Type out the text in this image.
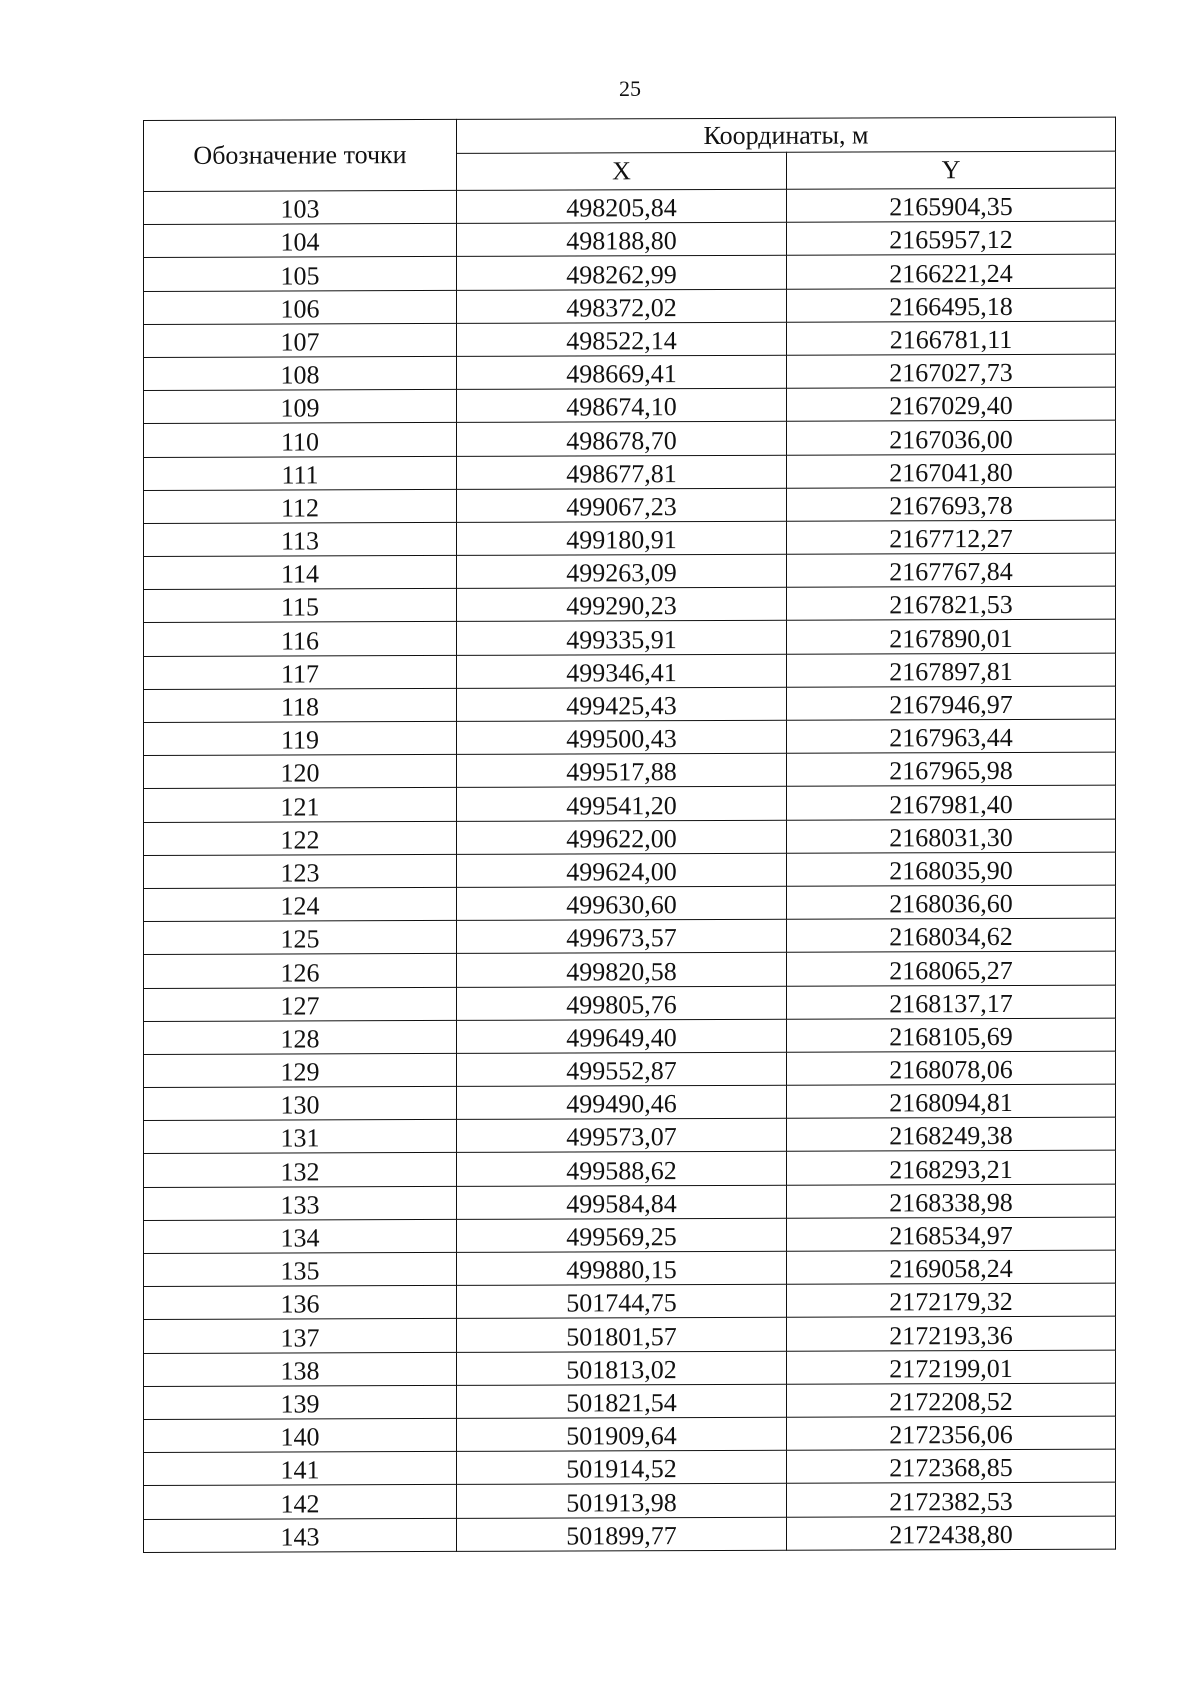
25
Обозначение точки	Координаты, м	
	X	Y
103	498205,84	2165904,35
104	498188,80	2165957,12
105	498262,99	2166221,24
106	498372,02	2166495,18
107	498522,14	2166781,11
108	498669,41	2167027,73
109	498674,10	2167029,40
110	498678,70	2167036,00
111	498677,81	2167041,80
112	499067,23	2167693,78
113	499180,91	2167712,27
114	499263,09	2167767,84
115	499290,23	2167821,53
116	499335,91	2167890,01
117	499346,41	2167897,81
118	499425,43	2167946,97
119	499500,43	2167963,44
120	499517,88	2167965,98
121	499541,20	2167981,40
122	499622,00	2168031,30
123	499624,00	2168035,90
124	499630,60	2168036,60
125	499673,57	2168034,62
126	499820,58	2168065,27
127	499805,76	2168137,17
128	499649,40	2168105,69
129	499552,87	2168078,06
130	499490,46	2168094,81
131	499573,07	2168249,38
132	499588,62	2168293,21
133	499584,84	2168338,98
134	499569,25	2168534,97
135	499880,15	2169058,24
136	501744,75	2172179,32
137	501801,57	2172193,36
138	501813,02	2172199,01
139	501821,54	2172208,52
140	501909,64	2172356,06
141	501914,52	2172368,85
142	501913,98	2172382,53
143	501899,77	2172438,80
